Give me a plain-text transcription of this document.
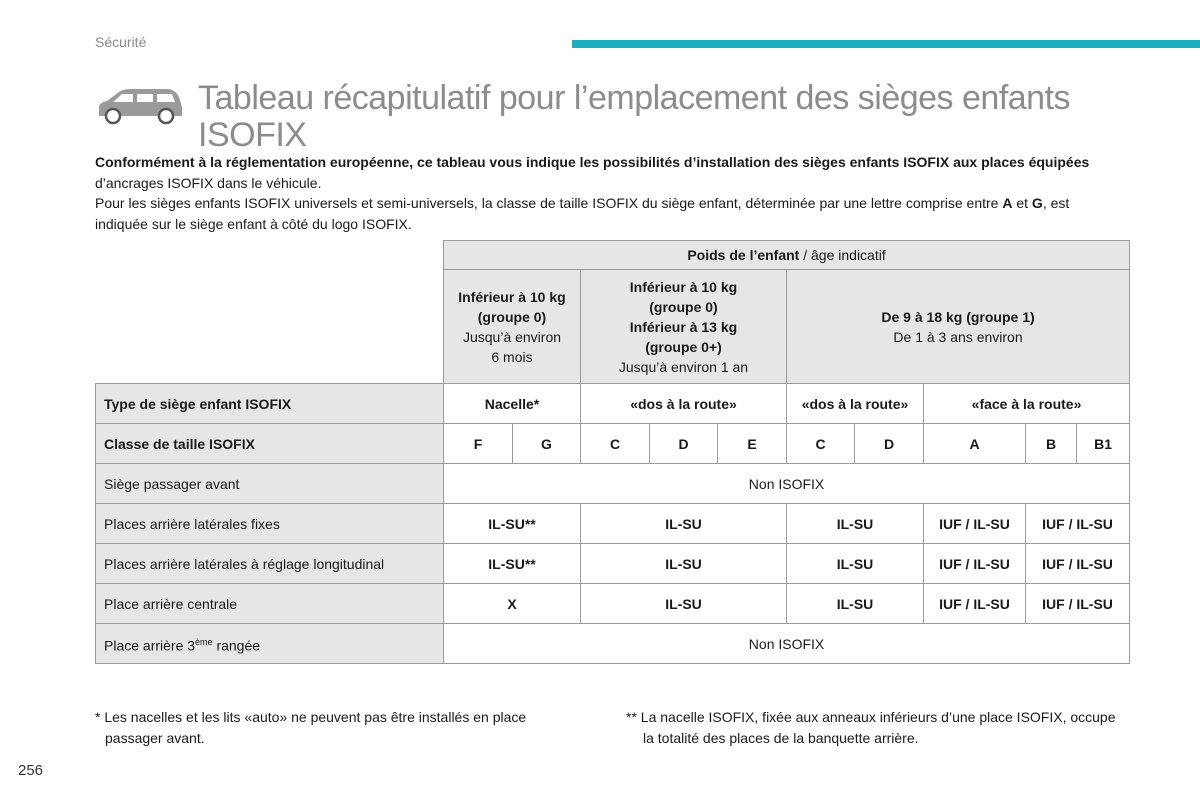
Sécurité
Tableau récapitulatif pour l’emplacement des sièges enfants ISOFIX
Conformément à la réglementation européenne, ce tableau vous indique les possibilités d’installation des sièges enfants ISOFIX aux places équipées d’ancrages ISOFIX dans le véhicule.
Pour les sièges enfants ISOFIX universels et semi-universels, la classe de taille ISOFIX du siège enfant, déterminée par une lettre comprise entre A et G, est indiquée sur le siège enfant à côté du logo ISOFIX.
	Poids de l’enfant / âge indicatif									
	Inférieur à 10 kg
(groupe 0)
Jusqu’à environ
6 mois		Inférieur à 10 kg
(groupe 0)
Inférieur à 13 kg
(groupe 0+)
Jusqu’à environ 1 an			De 9 à 18 kg (groupe 1)
De 1 à 3 ans environ				
Type de siège enfant ISOFIX	Nacelle*		«dos à la route»			«dos à la route»		«face à la route»		
Classe de taille ISOFIX	F	G	C	D	E	C	D	A	B	B1
Siège passager avant	Non ISOFIX									
Places arrière latérales fixes	IL-SU**		IL-SU			IL-SU		IUF / IL-SU	IUF / IL-SU	
Places arrière latérales à réglage longitudinal	IL-SU**		IL-SU			IL-SU		IUF / IL-SU	IUF / IL-SU	
Place arrière centrale	X		IL-SU			IL-SU		IUF / IL-SU	IUF / IL-SU	
Place arrière 3ème rangée	Non ISOFIX									
* Les nacelles et les lits «auto» ne peuvent pas être installés en place passager avant.
** La nacelle ISOFIX, fixée aux anneaux inférieurs d’une place ISOFIX, occupe la totalité des places de la banquette arrière.
256
